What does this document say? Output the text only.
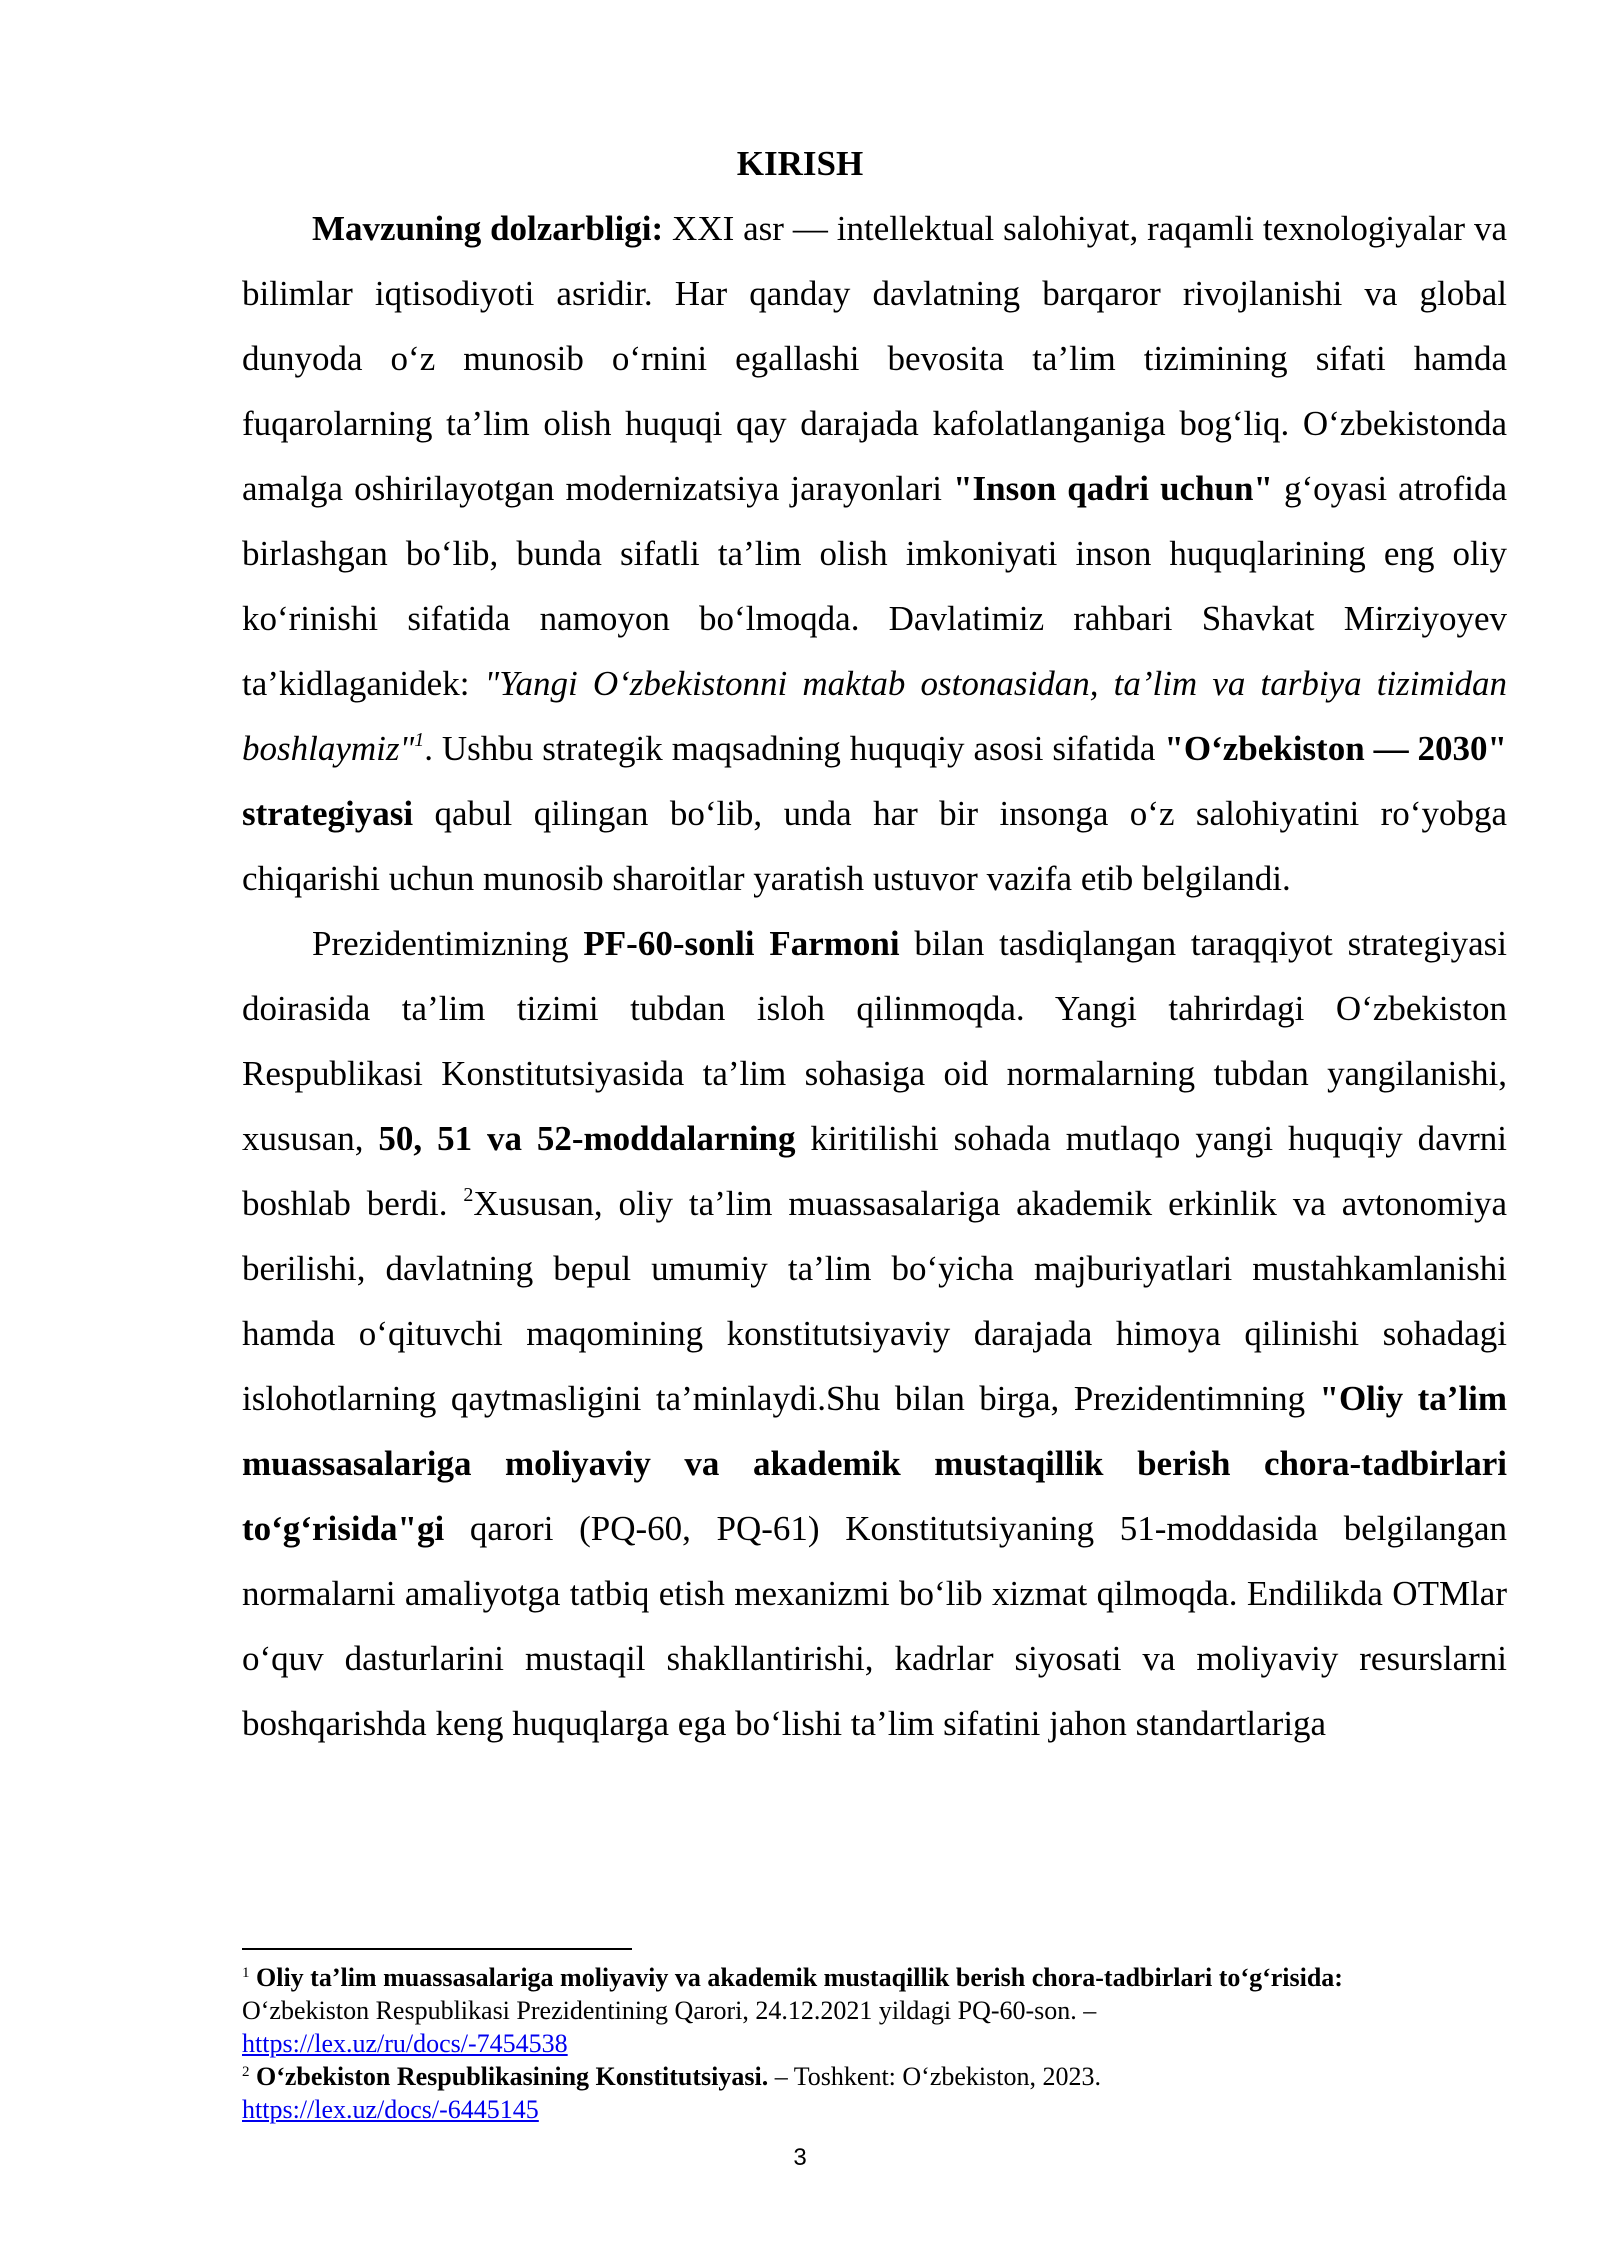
KIRISH

Mavzuning dolzarbligi: XXI asr — intellektual salohiyat, raqamli texnologiyalar va bilimlar iqtisodiyoti asridir. Har qanday davlatning barqaror rivojlanishi va global dunyoda o‘z munosib o‘rnini egallashi bevosita ta’lim tizimining sifati hamda fuqarolarning ta’lim olish huquqi qay darajada kafolatlanganiga bog‘liq. O‘zbekistonda amalga oshirilayotgan modernizatsiya jarayonlari "Inson qadri uchun" g‘oyasi atrofida birlashgan bo‘lib, bunda sifatli ta’lim olish imkoniyati inson huquqlarining eng oliy ko‘rinishi sifatida namoyon bo‘lmoqda. Davlatimiz rahbari Shavkat Mirziyoyev ta’kidlaganidek: "Yangi O‘zbekistonni maktab ostonasidan, ta’lim va tarbiya tizimidan boshlaymiz"$^1$. Ushbu strategik maqsadning huquqiy asosi sifatida "O‘zbekiston — 2030" strategiyasi qabul qilingan bo‘lib, unda har bir insonga o‘z salohiyatini ro‘yobga chiqarishi uchun munosib sharoitlar yaratish ustuvor vazifa etib belgilandi.

Prezidentimizning PF-60-sonli Farmoni bilan tasdiqlangan taraqqiyot strategiyasi doirasida ta’lim tizimi tubdan isloh qilinmoqda. Yangi tahrirdagi O‘zbekiston Respublikasi Konstitutsiyasida ta’lim sohasiga oid normalarning tubdan yangilanishi, xususan, 50, 51 va 52-moddalarning kiritilishi sohada mutlaqo yangi huquqiy davrni boshlab berdi. $^2$Xususan, oliy ta’lim muassasalariga akademik erkinlik va avtonomiya berilishi, davlatning bepul umumiy ta’lim bo‘yicha majburiyatlari mustahkamlanishi hamda o‘qituvchi maqomining konstitutsiyaviy darajada himoya qilinishi sohadagi islohotlarning qaytmasligini ta’minlaydi.Shu bilan birga, Prezidentimning "Oliy ta’lim muassasalariga moliyaviy va akademik mustaqillik berish chora-tadbirlari to‘g‘risida"gi qarori (PQ-60, PQ-61) Konstitutsiyaning 51-moddasida belgilangan normalarni amaliyotga tatbiq etish mexanizmi bo‘lib xizmat qilmoqda. Endilikda OTMlar o‘quv dasturlarini mustaqil shakllantirishi, kadrlar siyosati va moliyaviy resurslarni boshqarishda keng huquqlarga ega bo‘lishi ta’lim sifatini jahon standartlariga

$^1$ Oliy ta’lim muassasalariga moliyaviy va akademik mustaqillik berish chora-tadbirlari to‘g‘risida:
O‘zbekiston Respublikasi Prezidentining Qarori, 24.12.2021 yildagi PQ-60-son. –
https://lex.uz/ru/docs/-7454538

$^2$ O‘zbekiston Respublikasining Konstitutsiyasi. – Toshkent: O‘zbekiston, 2023.
https://lex.uz/docs/-6445145

3
